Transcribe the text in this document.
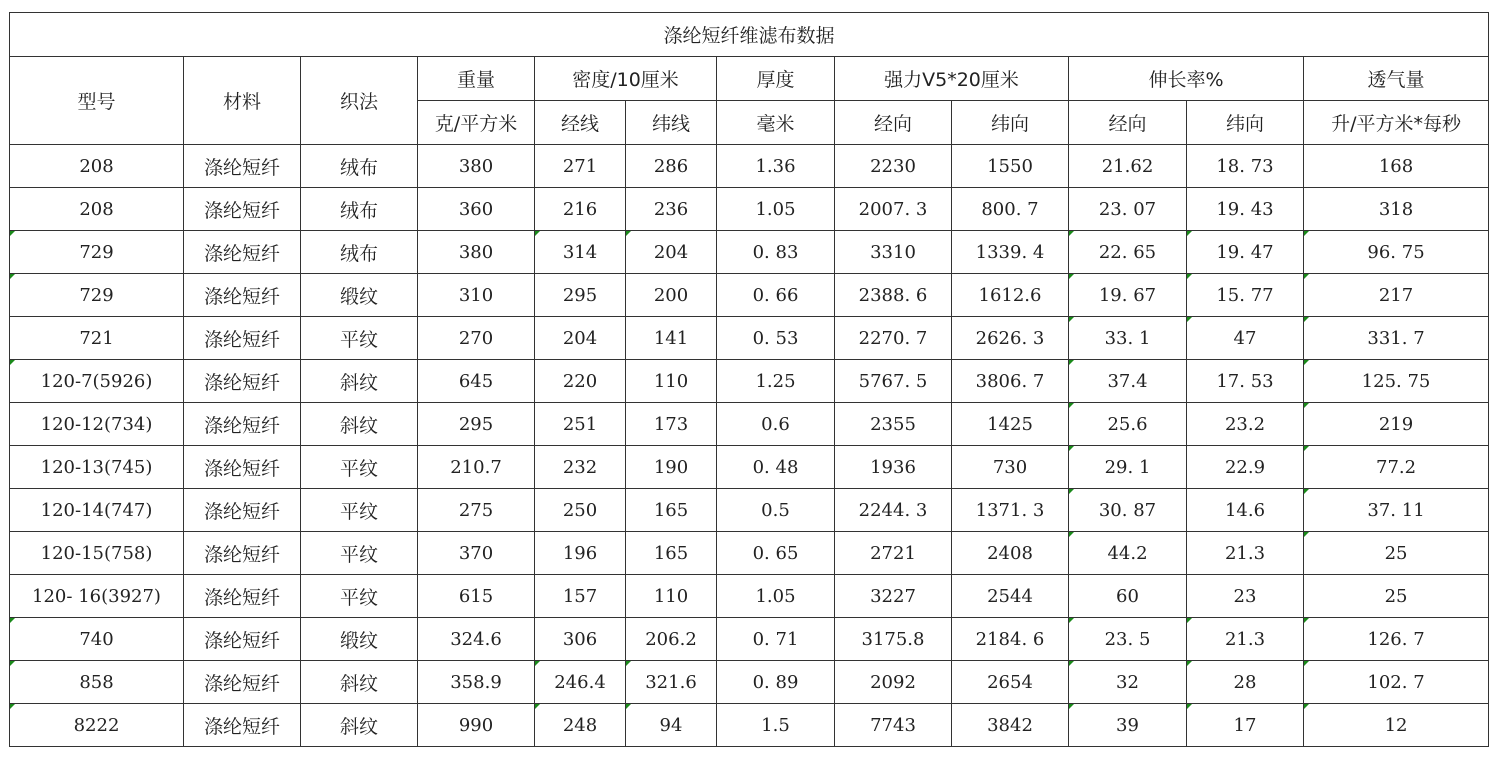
涤纶短纤维滤布数据											
型号	材料	织法	重量	密度/10厘米		厚度	强力V5*20厘米		伸长率%		透气量
			克/平方米	经线	纬线	毫米	经向	纬向	经向	纬向	升/平方米*每秒
208	涤纶短纤	绒布	380	271	286	1.36	2230	1550	21.62	18. 73	168
208	涤纶短纤	绒布	360	216	236	1.05	2007. 3	800. 7	23. 07	19. 43	318
729	涤纶短纤	绒布	380	314	204	0. 83	3310	1339. 4	22. 65	19. 47	96. 75
729	涤纶短纤	缎纹	310	295	200	0. 66	2388. 6	1612.6	19. 67	15. 77	217
721	涤纶短纤	平纹	270	204	141	0. 53	2270. 7	2626. 3	33. 1	47	331. 7
120-7(5926)	涤纶短纤	斜纹	645	220	110	1.25	5767. 5	3806. 7	37.4	17. 53	125. 75
120-12(734)	涤纶短纤	斜纹	295	251	173	0.6	2355	1425	25.6	23.2	219
120-13(745)	涤纶短纤	平纹	210.7	232	190	0. 48	1936	730	29. 1	22.9	77.2
120-14(747)	涤纶短纤	平纹	275	250	165	0.5	2244. 3	1371. 3	30. 87	14.6	37. 11
120-15(758)	涤纶短纤	平纹	370	196	165	0. 65	2721	2408	44.2	21.3	25
120- 16(3927)	涤纶短纤	平纹	615	157	110	1.05	3227	2544	60	23	25
740	涤纶短纤	缎纹	324.6	306	206.2	0. 71	3175.8	2184. 6	23. 5	21.3	126. 7
858	涤纶短纤	斜纹	358.9	246.4	321.6	0. 89	2092	2654	32	28	102. 7
8222	涤纶短纤	斜纹	990	248	94	1.5	7743	3842	39	17	12
